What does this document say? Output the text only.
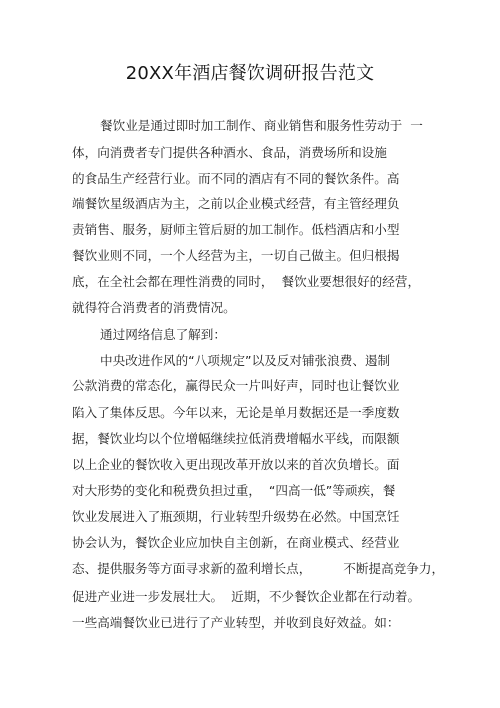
20XX年酒店餐饮调研报告范文
餐饮业是通过即时加工制作、商业销售和服务性劳动于  一
体，向消费者专门提供各种酒水、食品，消费场所和设施
的食品生产经营行业。而不同的酒店有不同的餐饮条件。高
端餐饮星级酒店为主，之前以企业模式经营，有主管经理负
责销售、服务，厨师主管后厨的加工制作。低档酒店和小型
餐饮业则不同，一个人经营为主，一切自己做主。但归根揭
底，在全社会都在理性消费的同时，  餐饮业要想很好的经营，
就得符合消费者的消费情况。
通过网络信息了解到：
中央改进作风的“八项规定”以及反对铺张浪费、遏制
公款消费的常态化，赢得民众一片叫好声，同时也让餐饮业
陷入了集体反思。今年以来，无论是单月数据还是一季度数
据，餐饮业均以个位增幅继续拉低消费增幅水平线，而限额
以上企业的餐饮收入更出现改革开放以来的首次负增长。面
对大形势的变化和税费负担过重，  “四高一低”等顽疾，餐
饮业发展进入了瓶颈期，行业转型升级势在必然。中国烹饪
协会认为，餐饮企业应加快自主创新，在商业模式、经营业
态、提供服务等方面寻求新的盈利增长点，        不断提高竞争力，
促进产业进一步发展壮大。  近期，不少餐饮企业都在行动着。
一些高端餐饮业已进行了产业转型，并收到良好效益。如：
